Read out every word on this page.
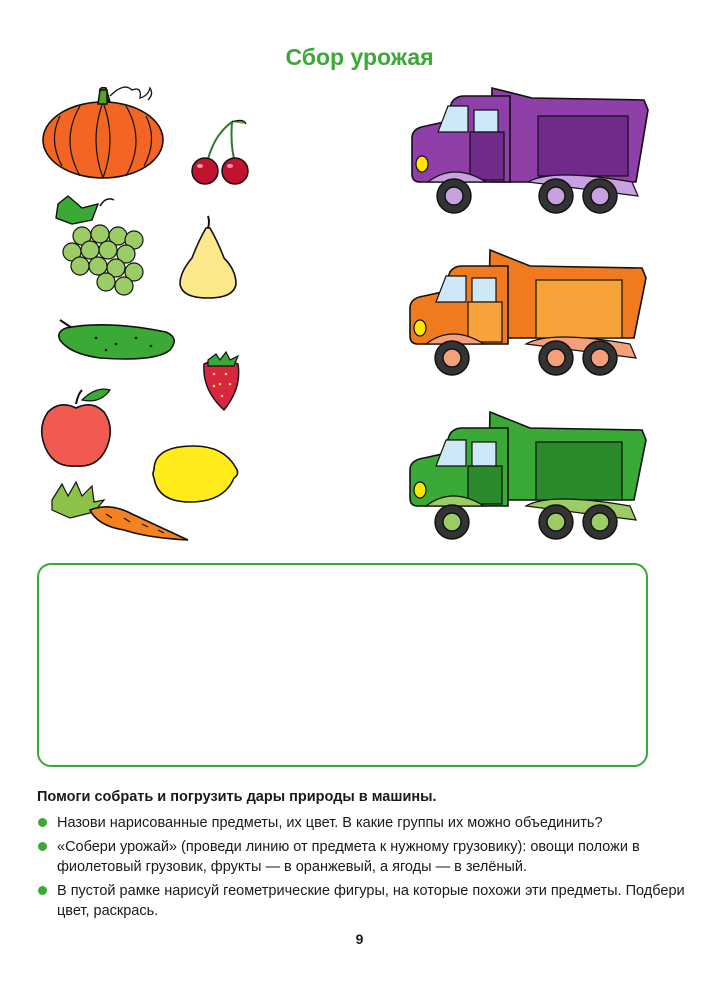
Сбор урожая
Помоги собрать и погрузить дары природы в машины.
Назови нарисованные предметы, их цвет. В какие группы их можно объединить?
«Собери урожай» (проведи линию от предмета к нужному грузовику): овощи положи в фиолетовый грузовик, фрукты — в оранжевый, а ягоды — в зелёный.
В пустой рамке нарисуй геометрические фигуры, на которые похожи эти предметы. Подбери цвет, раскрась.
9
